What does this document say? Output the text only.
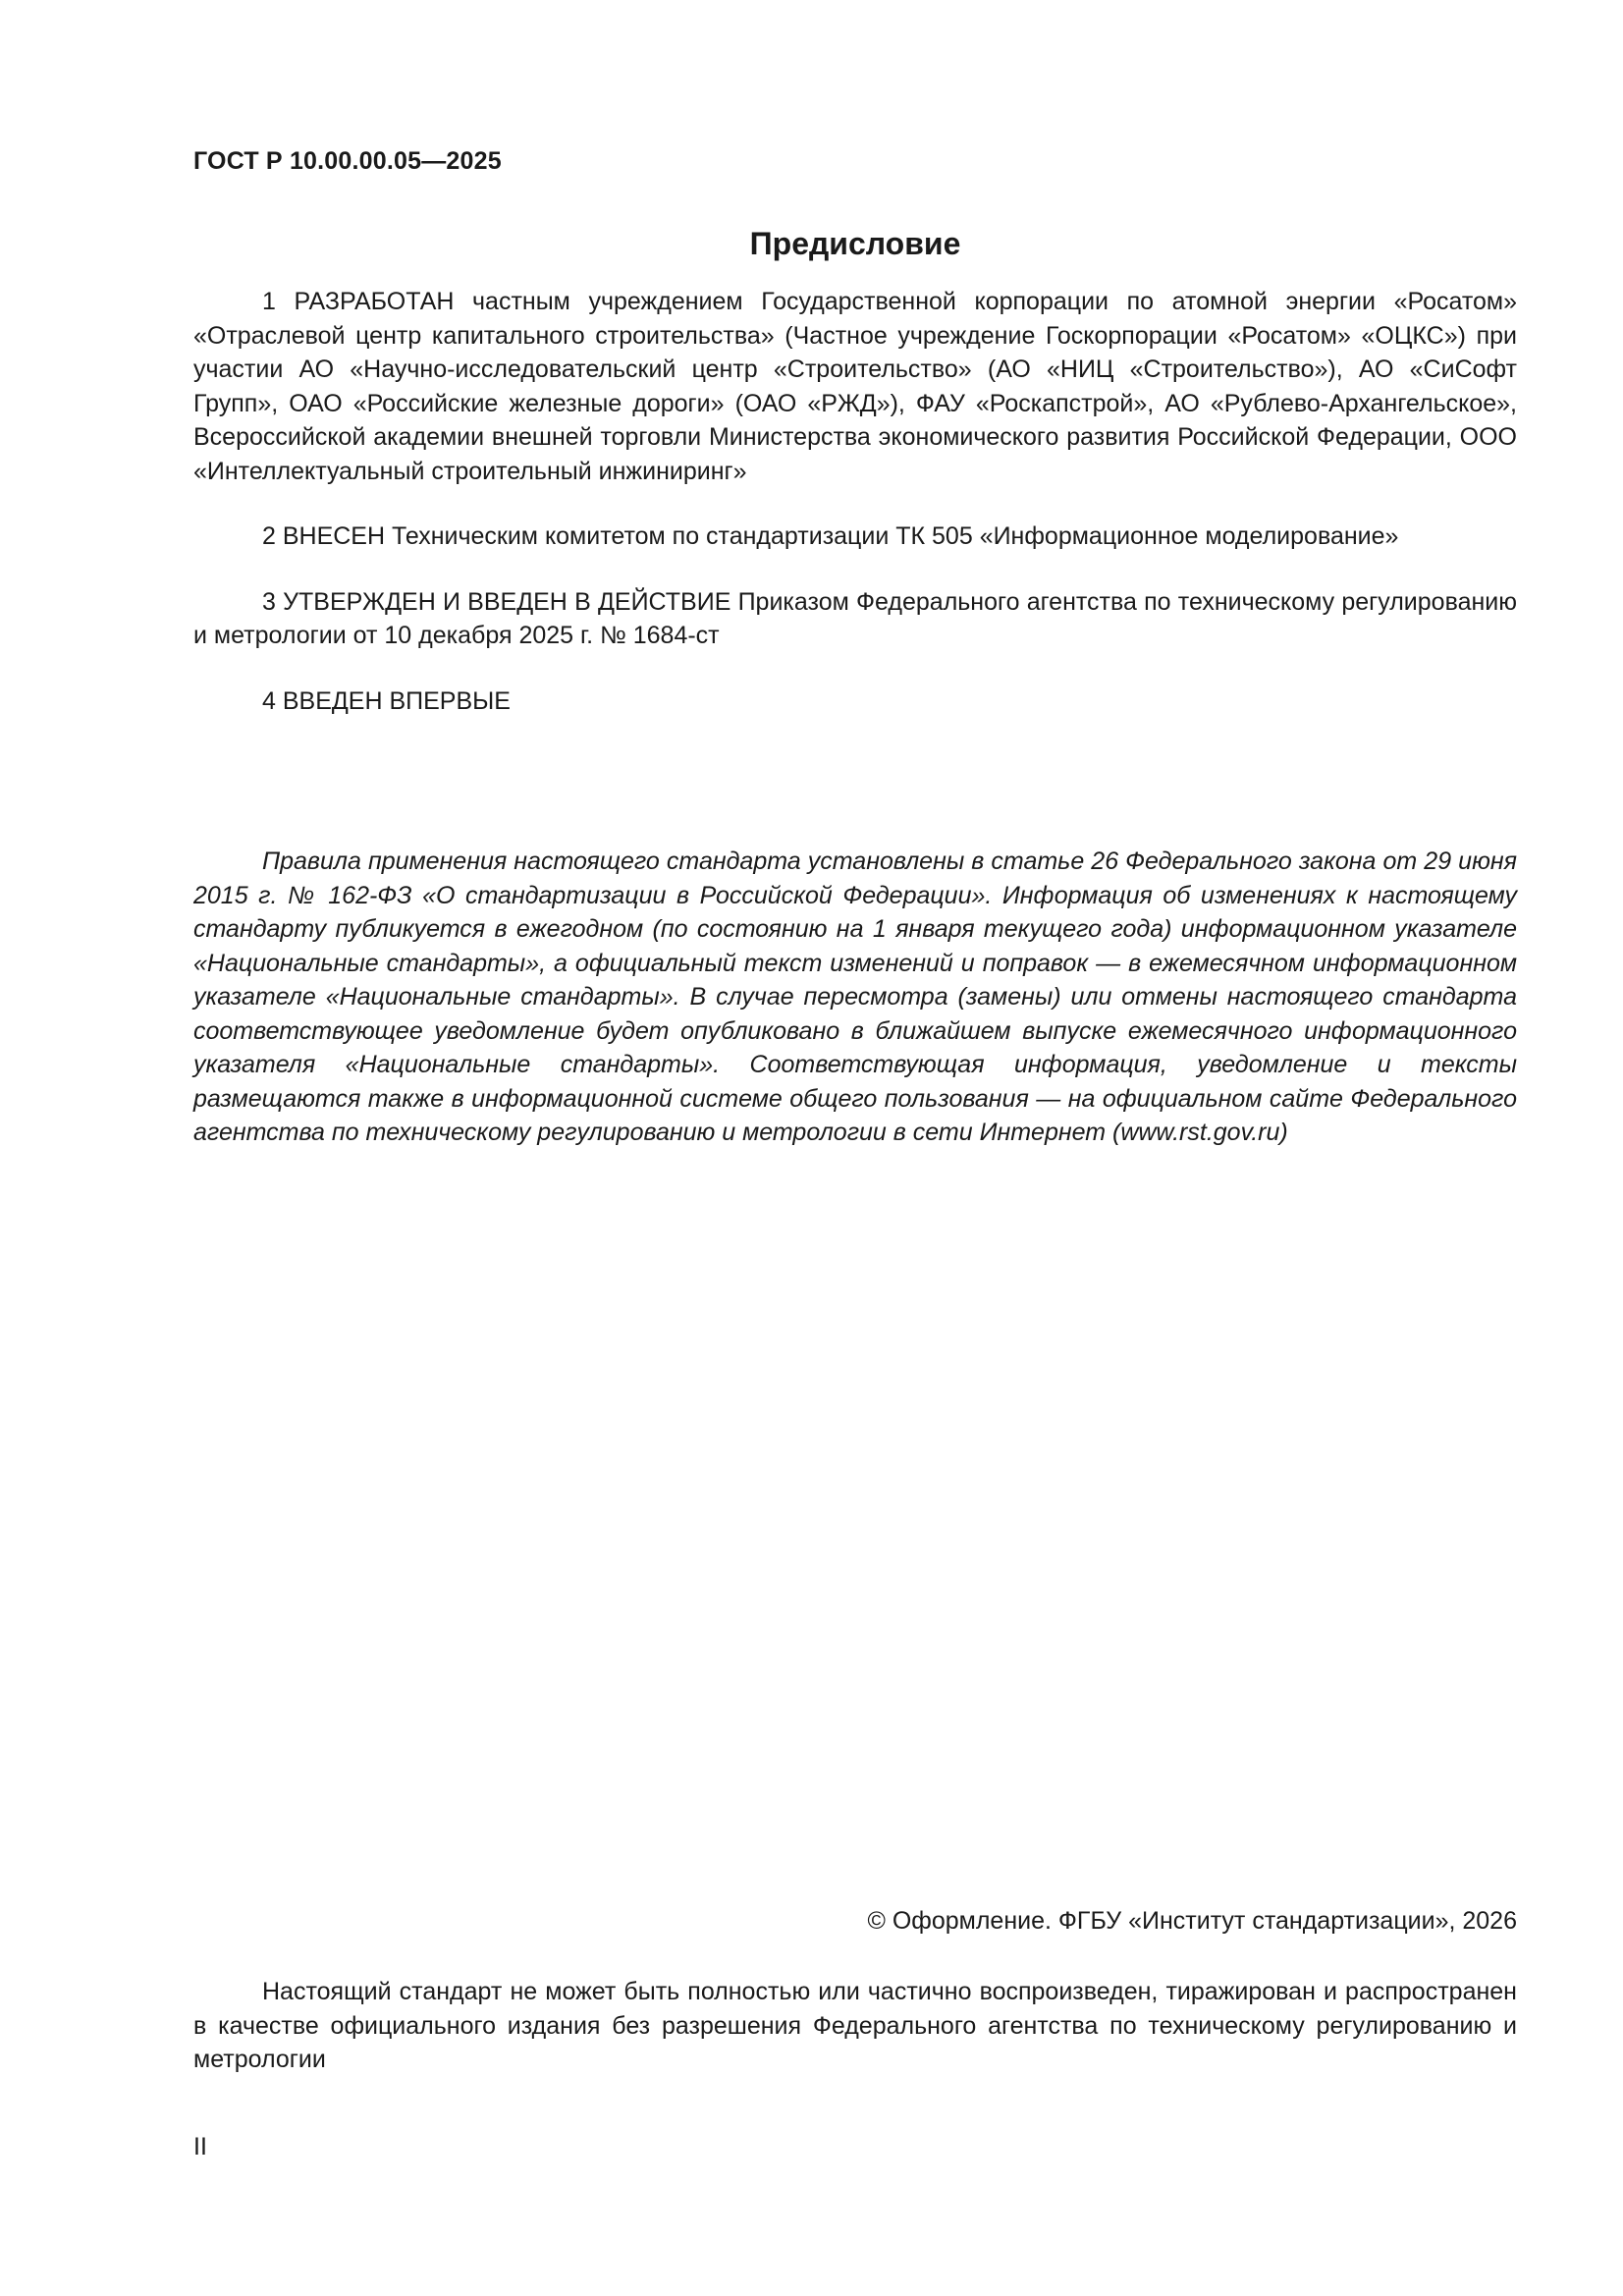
ГОСТ Р 10.00.00.05—2025
Предисловие

1 РАЗРАБОТАН частным учреждением Государственной корпорации по атомной энергии «Росатом» «Отраслевой центр капитального строительства» (Частное учреждение Госкорпорации «Росатом» «ОЦКС») при участии АО «Научно-исследовательский центр «Строительство» (АО «НИЦ «Строительство»), АО «СиСофт Групп», ОАО «Российские железные дороги» (ОАО «РЖД»), ФАУ «Роскапстрой», АО «Рублево-Архангельское», Всероссийской академии внешней торговли Министерства экономического развития Российской Федерации, ООО «Интеллектуальный строительный инжиниринг»

2 ВНЕСЕН Техническим комитетом по стандартизации ТК 505 «Информационное моделирование»

3 УТВЕРЖДЕН И ВВЕДЕН В ДЕЙСТВИЕ Приказом Федерального агентства по техническому регулированию и метрологии от 10 декабря 2025 г. № 1684-ст

4 ВВЕДЕН ВПЕРВЫЕ

Правила применения настоящего стандарта установлены в статье 26 Федерального закона от 29 июня 2015 г. № 162-ФЗ «О стандартизации в Российской Федерации». Информация об изменениях к настоящему стандарту публикуется в ежегодном (по состоянию на 1 января текущего года) информационном указателе «Национальные стандарты», а официальный текст изменений и поправок — в ежемесячном информационном указателе «Национальные стандарты». В случае пересмотра (замены) или отмены настоящего стандарта соответствующее уведомление будет опубликовано в ближайшем выпуске ежемесячного информационного указателя «Национальные стандарты». Соответствующая информация, уведомление и тексты размещаются также в информационной системе общего пользования — на официальном сайте Федерального агентства по техническому регулированию и метрологии в сети Интернет (www.rst.gov.ru)

© Оформление. ФГБУ «Институт стандартизации», 2026

Настоящий стандарт не может быть полностью или частично воспроизведен, тиражирован и распространен в качестве официального издания без разрешения Федерального агентства по техническому регулированию и метрологии

II
